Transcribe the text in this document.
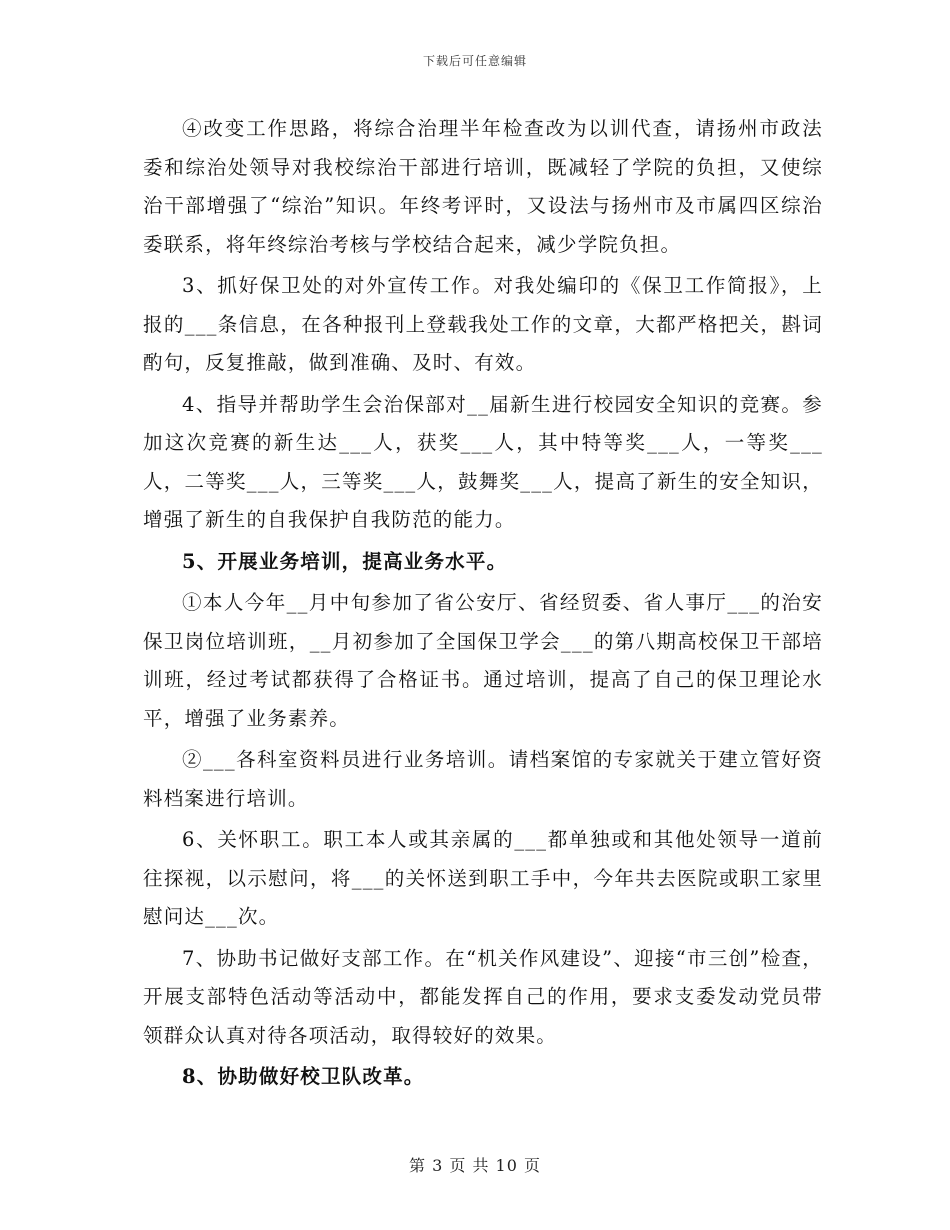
下载后可任意编辑

④改变工作思路，将综合治理半年检查改为以训代查，请扬州市政法委和综治处领导对我校综治干部进行培训，既减轻了学院的负担，又使综治干部增强了“综治”知识。年终考评时，又设法与扬州市及市属四区综治委联系，将年终综治考核与学校结合起来，减少学院负担。

3、抓好保卫处的对外宣传工作。对我处编印的《保卫工作简报》，上报的___条信息，在各种报刊上登载我处工作的文章，大都严格把关，斟词酌句，反复推敲，做到准确、及时、有效。

4、指导并帮助学生会治保部对__届新生进行校园安全知识的竞赛。参加这次竞赛的新生达___人，获奖___人，其中特等奖___人，一等奖___人，二等奖___人，三等奖___人，鼓舞奖___人，提高了新生的安全知识，增强了新生的自我保护自我防范的能力。

5、开展业务培训，提高业务水平。

①本人今年__月中旬参加了省公安厅、省经贸委、省人事厅___的治安保卫岗位培训班，__月初参加了全国保卫学会___的第八期高校保卫干部培训班，经过考试都获得了合格证书。通过培训，提高了自己的保卫理论水平，增强了业务素养。

②___各科室资料员进行业务培训。请档案馆的专家就关于建立管好资料档案进行培训。

6、关怀职工。职工本人或其亲属的___都单独或和其他处领导一道前往探视，以示慰问，将___的关怀送到职工手中，今年共去医院或职工家里慰问达___次。

7、协助书记做好支部工作。在“机关作风建设”、迎接“市三创”检查，开展支部特色活动等活动中，都能发挥自己的作用，要求支委发动党员带领群众认真对待各项活动，取得较好的效果。

8、协助做好校卫队改革。

第 3 页 共 10 页
